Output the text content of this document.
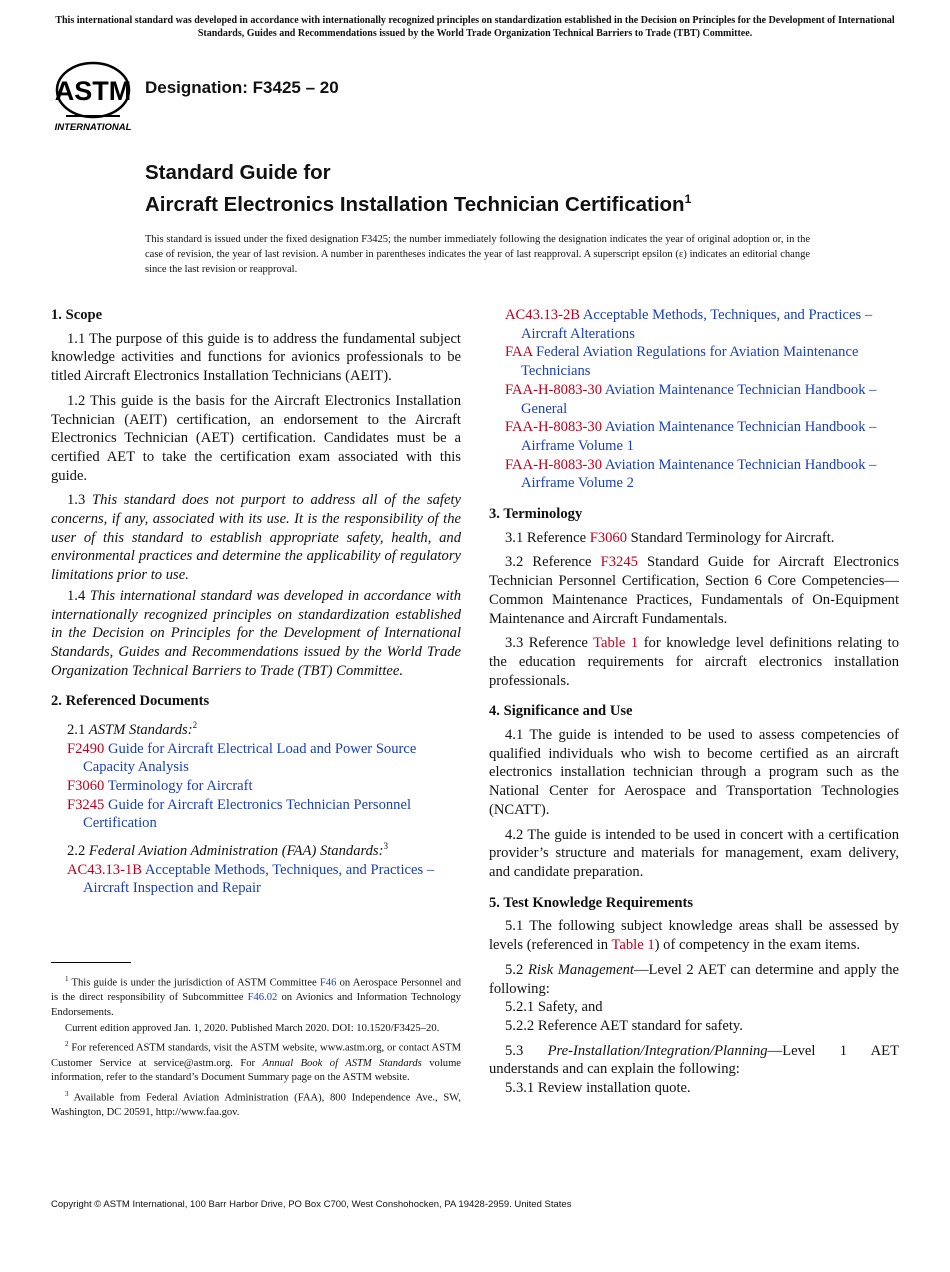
This international standard was developed in accordance with internationally recognized principles on standardization established in the Decision on Principles for the Development of International Standards, Guides and Recommendations issued by the World Trade Organization Technical Barriers to Trade (TBT) Committee.
ASTM
INTERNATIONAL
Designation: F3425 – 20
Standard Guide for
Aircraft Electronics Installation Technician Certification$^1$
This standard is issued under the fixed designation F3425; the number immediately following the designation indicates the year of original adoption or, in the case of revision, the year of last revision. A number in parentheses indicates the year of last reapproval. A superscript epsilon (ε) indicates an editorial change since the last revision or reapproval.
1. Scope

1.1 The purpose of this guide is to address the fundamental subject knowledge activities and functions for avionics professionals to be titled Aircraft Electronics Installation Technicians (AEIT).

1.2 This guide is the basis for the Aircraft Electronics Installation Technician (AEIT) certification, an endorsement to the Aircraft Electronics Technician (AET) certification. Candidates must be a certified AET to take the certification exam associated with this guide.

1.3 This standard does not purport to address all of the safety concerns, if any, associated with its use. It is the responsibility of the user of this standard to establish appropriate safety, health, and environmental practices and determine the applicability of regulatory limitations prior to use.

1.4 This international standard was developed in accordance with internationally recognized principles on standardization established in the Decision on Principles for the Development of International Standards, Guides and Recommendations issued by the World Trade Organization Technical Barriers to Trade (TBT) Committee.

2. Referenced Documents

2.1 ASTM Standards:$^2$

F2490 Guide for Aircraft Electrical Load and Power Source Capacity Analysis

F3060 Terminology for Aircraft

F3245 Guide for Aircraft Electronics Technician Personnel Certification

2.2 Federal Aviation Administration (FAA) Standards:$^3$

AC43.13-1B Acceptable Methods, Techniques, and Practices – Aircraft Inspection and Repair

$^1$ This guide is under the jurisdiction of ASTM Committee F46 on Aerospace Personnel and is the direct responsibility of Subcommittee F46.02 on Avionics and Information Technology Endorsements.

Current edition approved Jan. 1, 2020. Published March 2020. DOI: 10.1520/F3425–20.

$^2$ For referenced ASTM standards, visit the ASTM website, www.astm.org, or contact ASTM Customer Service at service@astm.org. For Annual Book of ASTM Standards volume information, refer to the standard’s Document Summary page on the ASTM website.

$^3$ Available from Federal Aviation Administration (FAA), 800 Independence Ave., SW, Washington, DC 20591, http://www.faa.gov.

AC43.13-2B Acceptable Methods, Techniques, and Practices – Aircraft Alterations

FAA Federal Aviation Regulations for Aviation Maintenance Technicians

FAA-H-8083-30 Aviation Maintenance Technician Handbook – General

FAA-H-8083-30 Aviation Maintenance Technician Handbook – Airframe Volume 1

FAA-H-8083-30 Aviation Maintenance Technician Handbook – Airframe Volume 2

3. Terminology

3.1 Reference F3060 Standard Terminology for Aircraft.

3.2 Reference F3245 Standard Guide for Aircraft Electronics Technician Personnel Certification, Section 6 Core Competencies—Common Maintenance Practices, Fundamentals of On-Equipment Maintenance and Aircraft Fundamentals.

3.3 Reference Table 1 for knowledge level definitions relating to the education requirements for aircraft electronics installation professionals.

4. Significance and Use

4.1 The guide is intended to be used to assess competencies of qualified individuals who wish to become certified as an aircraft electronics installation technician through a program such as the National Center for Aerospace and Transportation Technologies (NCATT).

4.2 The guide is intended to be used in concert with a certification provider’s structure and materials for management, exam delivery, and candidate preparation.

5. Test Knowledge Requirements

5.1 The following subject knowledge areas shall be assessed by levels (referenced in Table 1) of competency in the exam items.

5.2 Risk Management—Level 2 AET can determine and apply the following:

5.2.1 Safety, and

5.2.2 Reference AET standard for safety.

5.3 Pre-Installation/Integration/Planning—Level 1 AET understands and can explain the following:

5.3.1 Review installation quote.

Copyright © ASTM International, 100 Barr Harbor Drive, PO Box C700, West Conshohocken, PA 19428-2959. United States
